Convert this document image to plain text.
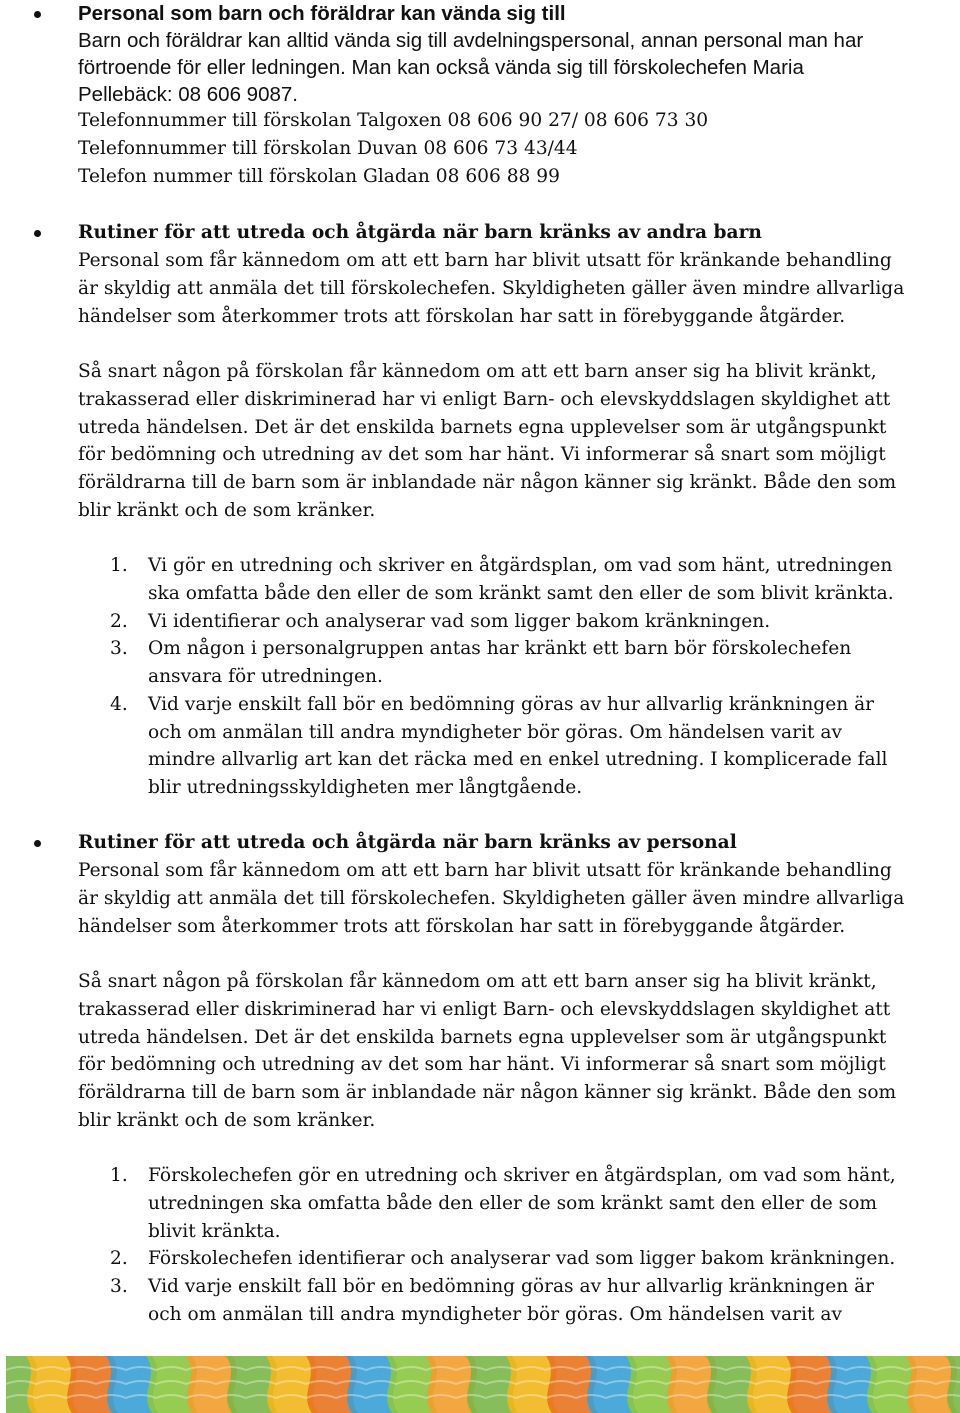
Personal som barn och föräldrar kan vända sig till
Barn och föräldrar kan alltid vända sig till avdelningspersonal, annan personal man har
förtroende för eller ledningen. Man kan också vända sig till förskolechefen Maria
Pellebäck: 08 606 9087.
Telefonnummer till förskolan Talgoxen 08 606 90 27/ 08 606 73 30
Telefonnummer till förskolan Duvan 08 606 73 43/44
Telefon nummer till förskolan Gladan 08 606 88 99
Rutiner för att utreda och åtgärda när barn kränks av andra barn
Personal som får kännedom om att ett barn har blivit utsatt för kränkande behandling
är skyldig att anmäla det till förskolechefen. Skyldigheten gäller även mindre allvarliga
händelser som återkommer trots att förskolan har satt in förebyggande åtgärder.
Så snart någon på förskolan får kännedom om att ett barn anser sig ha blivit kränkt,
trakasserad eller diskriminerad har vi enligt Barn- och elevskyddslagen skyldighet att
utreda händelsen. Det är det enskilda barnets egna upplevelser som är utgångspunkt
för bedömning och utredning av det som har hänt. Vi informerar så snart som möjligt
föräldrarna till de barn som är inblandade när någon känner sig kränkt. Både den som
blir kränkt och de som kränker.
1. Vi gör en utredning och skriver en åtgärdsplan, om vad som hänt, utredningen
ska omfatta både den eller de som kränkt samt den eller de som blivit kränkta.
2. Vi identifierar och analyserar vad som ligger bakom kränkningen.
3. Om någon i personalgruppen antas har kränkt ett barn bör förskolechefen
ansvara för utredningen.
4. Vid varje enskilt fall bör en bedömning göras av hur allvarlig kränkningen är
och om anmälan till andra myndigheter bör göras. Om händelsen varit av
mindre allvarlig art kan det räcka med en enkel utredning. I komplicerade fall
blir utredningsskyldigheten mer långtgående.
Rutiner för att utreda och åtgärda när barn kränks av personal
Personal som får kännedom om att ett barn har blivit utsatt för kränkande behandling
är skyldig att anmäla det till förskolechefen. Skyldigheten gäller även mindre allvarliga
händelser som återkommer trots att förskolan har satt in förebyggande åtgärder.
Så snart någon på förskolan får kännedom om att ett barn anser sig ha blivit kränkt,
trakasserad eller diskriminerad har vi enligt Barn- och elevskyddslagen skyldighet att
utreda händelsen. Det är det enskilda barnets egna upplevelser som är utgångspunkt
för bedömning och utredning av det som har hänt. Vi informerar så snart som möjligt
föräldrarna till de barn som är inblandade när någon känner sig kränkt. Både den som
blir kränkt och de som kränker.
1. Förskolechefen gör en utredning och skriver en åtgärdsplan, om vad som hänt,
utredningen ska omfatta både den eller de som kränkt samt den eller de som
blivit kränkta.
2. Förskolechefen identifierar och analyserar vad som ligger bakom kränkningen.
3. Vid varje enskilt fall bör en bedömning göras av hur allvarlig kränkningen är
och om anmälan till andra myndigheter bör göras. Om händelsen varit av
